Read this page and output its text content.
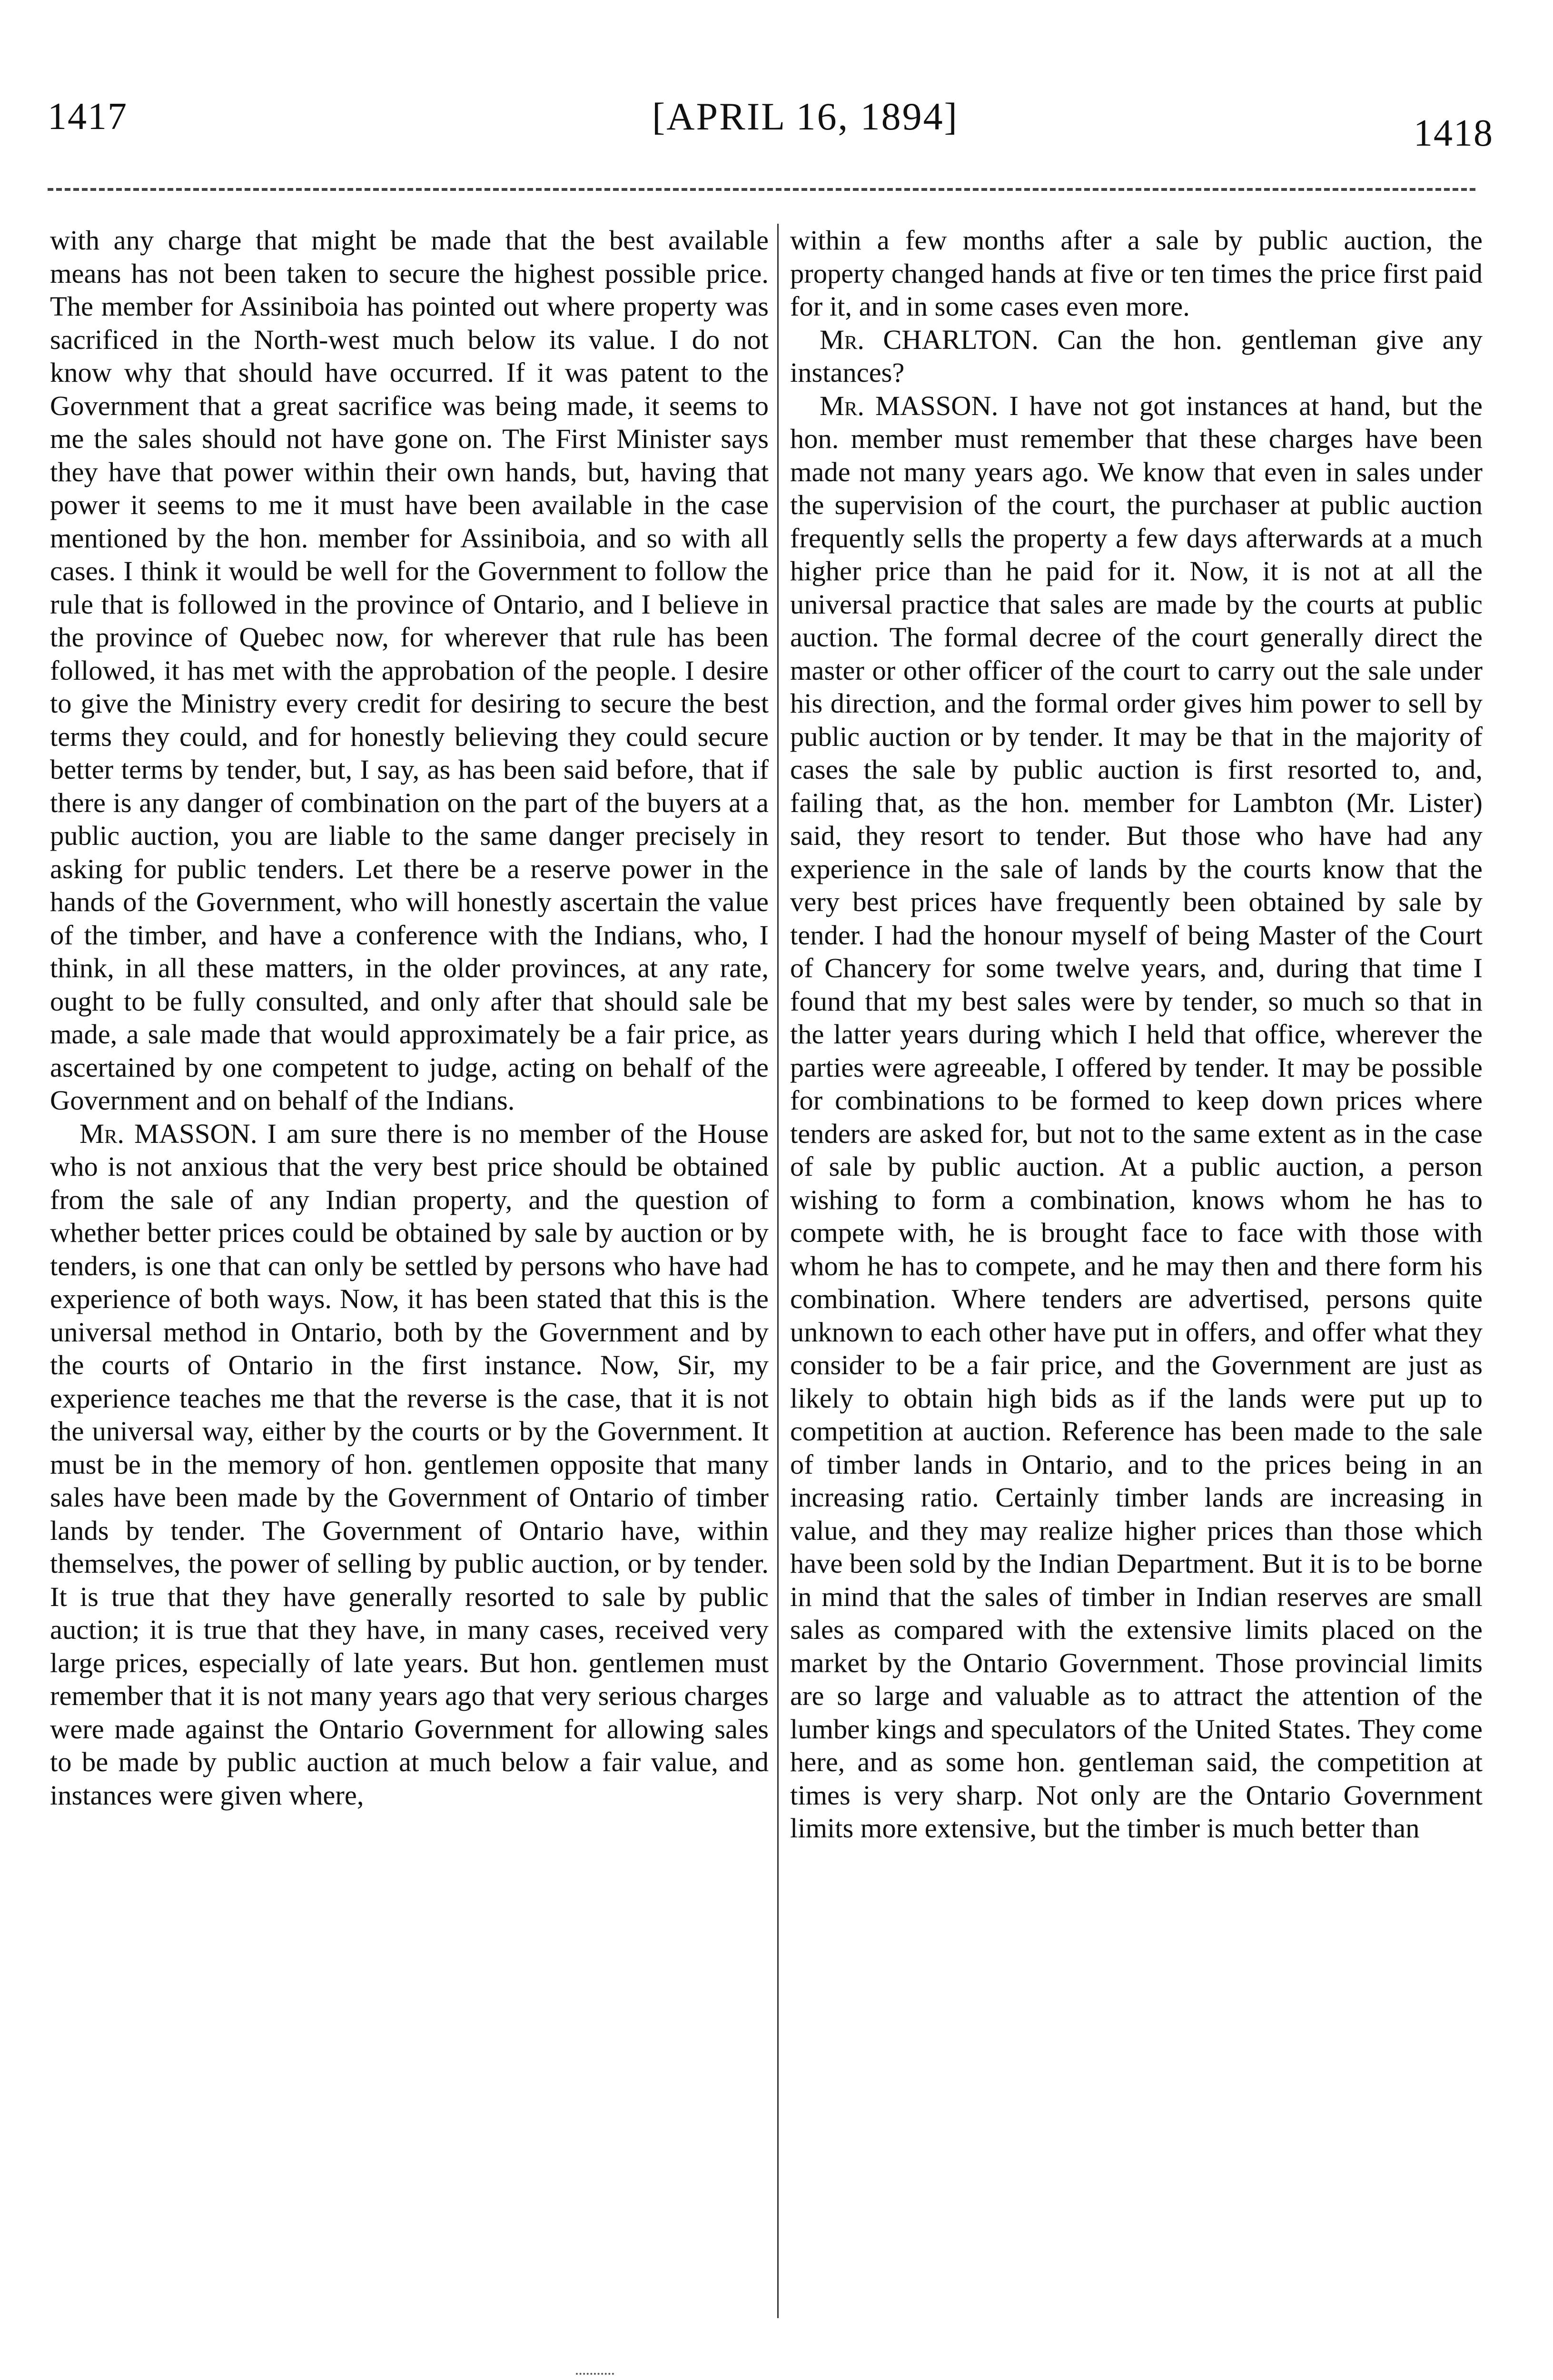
1417	[APRIL 16, 1894]	1418

with any charge that might be made that the best available means has not been taken to secure the highest possible price. The member for Assiniboia has pointed out where property was sacrificed in the North-west much below its value. I do not know why that should have occurred. If it was patent to the Government that a great sacrifice was being made, it seems to me the sales should not have gone on. The First Minister says they have that power within their own hands, but, having that power it seems to me it must have been available in the case mentioned by the hon. member for Assiniboia, and so with all cases. I think it would be well for the Government to follow the rule that is followed in the province of Ontario, and I believe in the province of Quebec now, for wherever that rule has been followed, it has met with the approbation of the people. I desire to give the Ministry every credit for desiring to secure the best terms they could, and for honestly believing they could secure better terms by tender, but, I say, as has been said before, that if there is any danger of combination on the part of the buyers at a public auction, you are liable to the same danger precisely in asking for public tenders. Let there be a reserve power in the hands of the Government, who will honestly ascertain the value of the timber, and have a conference with the Indians, who, I think, in all these matters, in the older provinces, at any rate, ought to be fully consulted, and only after that should sale be made, a sale made that would approximately be a fair price, as ascertained by one competent to judge, acting on behalf of the Government and on behalf of the Indians.

Mr. MASSON. I am sure there is no member of the House who is not anxious that the very best price should be obtained from the sale of any Indian property, and the question of whether better prices could be obtained by sale by auction or by tenders, is one that can only be settled by persons who have had experience of both ways. Now, it has been stated that this is the universal method in Ontario, both by the Government and by the courts of Ontario in the first instance. Now, Sir, my experience teaches me that the reverse is the case, that it is not the universal way, either by the courts or by the Government. It must be in the memory of hon. gentlemen opposite that many sales have been made by the Government of Ontario of timber lands by tender. The Government of Ontario have, within themselves, the power of selling by public auction, or by tender. It is true that they have generally resorted to sale by public auction; it is true that they have, in many cases, received very large prices, especially of late years. But hon. gentlemen must remember that it is not many years ago that very serious charges were made against the Ontario Government for allowing sales to be made by public auction at much below a fair value, and instances were given where,

within a few months after a sale by public auction, the property changed hands at five or ten times the price first paid for it, and in some cases even more.

Mr. CHARLTON. Can the hon. gentleman give any instances?

Mr. MASSON. I have not got instances at hand, but the hon. member must remember that these charges have been made not many years ago. We know that even in sales under the supervision of the court, the purchaser at public auction frequently sells the property a few days afterwards at a much higher price than he paid for it. Now, it is not at all the universal practice that sales are made by the courts at public auction. The formal decree of the court generally direct the master or other officer of the court to carry out the sale under his direction, and the formal order gives him power to sell by public auction or by tender. It may be that in the majority of cases the sale by public auction is first resorted to, and, failing that, as the hon. member for Lambton (Mr. Lister) said, they resort to tender. But those who have had any experience in the sale of lands by the courts know that the very best prices have frequently been obtained by sale by tender. I had the honour myself of being Master of the Court of Chancery for some twelve years, and, during that time I found that my best sales were by tender, so much so that in the latter years during which I held that office, wherever the parties were agreeable, I offered by tender. It may be possible for combinations to be formed to keep down prices where tenders are asked for, but not to the same extent as in the case of sale by public auction. At a public auction, a person wishing to form a combination, knows whom he has to compete with, he is brought face to face with those with whom he has to compete, and he may then and there form his combination. Where tenders are advertised, persons quite unknown to each other have put in offers, and offer what they consider to be a fair price, and the Government are just as likely to obtain high bids as if the lands were put up to competition at auction. Reference has been made to the sale of timber lands in Ontario, and to the prices being in an increasing ratio. Certainly timber lands are increasing in value, and they may realize higher prices than those which have been sold by the Indian Department. But it is to be borne in mind that the sales of timber in Indian reserves are small sales as compared with the extensive limits placed on the market by the Ontario Government. Those provincial limits are so large and valuable as to attract the attention of the lumber kings and speculators of the United States. They come here, and as some hon. gentleman said, the competition at times is very sharp. Not only are the Ontario Government limits more extensive, but the timber is much better than
